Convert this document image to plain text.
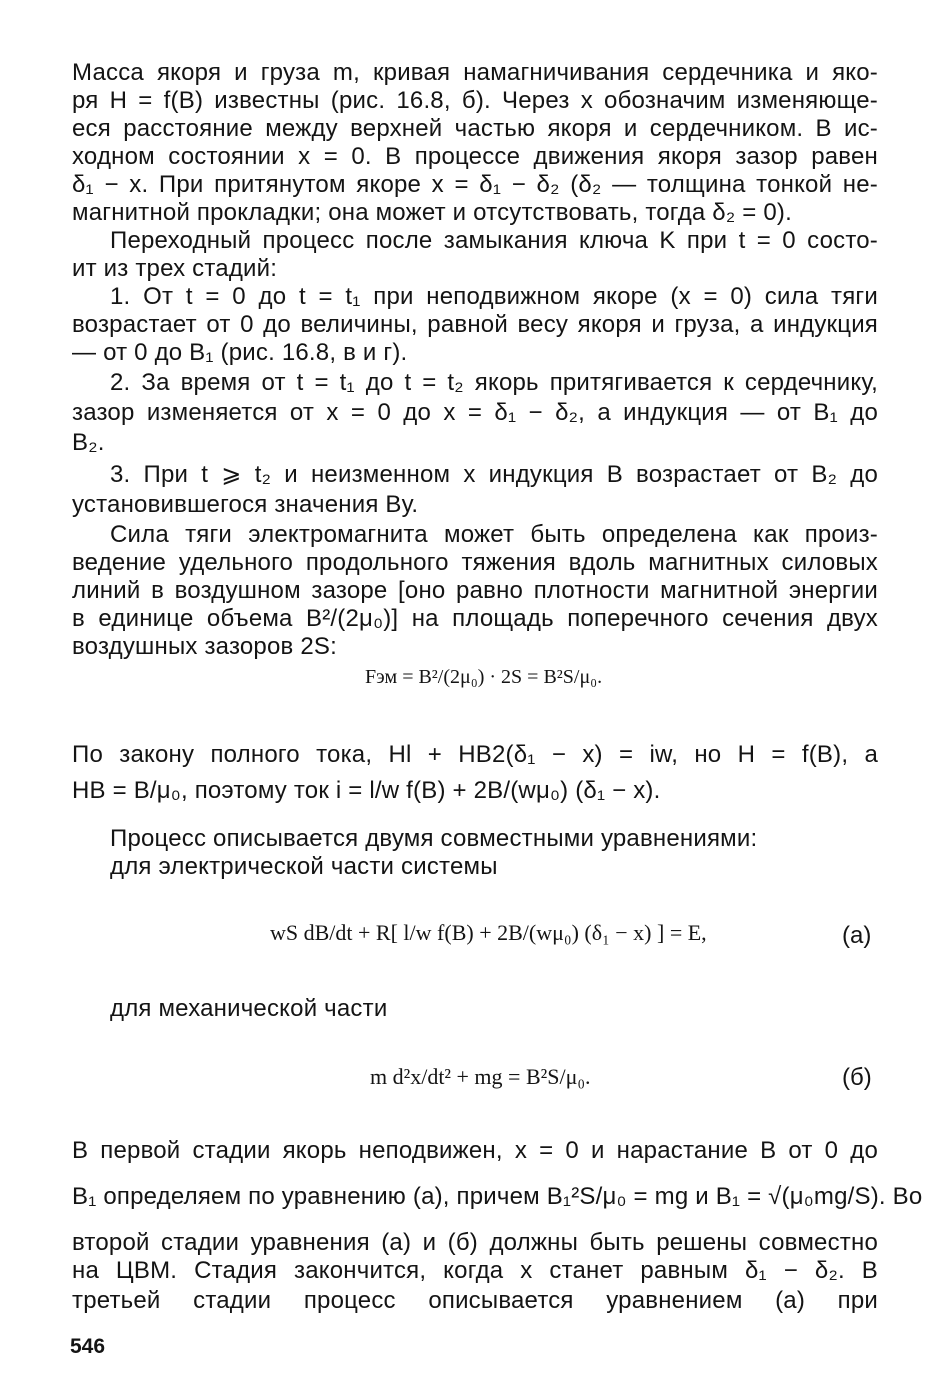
Масса якоря и груза m, кривая намагничивания сердечника и яко-
ря H = f(B) известны (рис. 16.8, б). Через x обозначим изменяюще-
еся расстояние между верхней частью якоря и сердечником. В ис-
ходном состоянии x = 0. В процессе движения якоря зазор равен
δ₁ − x. При притянутом якоре x = δ₁ − δ₂ (δ₂ — толщина тонкой не-
магнитной прокладки; она может и отсутствовать, тогда δ₂ = 0).
Переходный процесс после замыкания ключа K при t = 0 состо-
ит из трех стадий:
1. От t = 0 до t = t₁ при неподвижном якоре (x = 0) сила тяги
возрастает от 0 до величины, равной весу якоря и груза, а индукция
— от 0 до B₁ (рис. 16.8, в и г).
2. За время от t = t₁ до t = t₂ якорь притягивается к сердечнику,
зазор изменяется от x = 0 до x = δ₁ − δ₂, а индукция — от B₁ до
B₂.
3. При t ⩾ t₂ и неизменном x индукция B возрастает от B₂ до
установившегося значения Bу.
Сила тяги электромагнита может быть определена как произ-
ведение удельного продольного тяжения вдоль магнитных силовых
линий в воздушном зазоре [оно равно плотности магнитной энергии
в единице объема B²/(2μ₀)] на площадь поперечного сечения двух
воздушных зазоров 2S:
Fэм = B²/(2μ₀) · 2S = B²S/μ₀.
По закону полного тока, Hl + HB2(δ₁ − x) = iw, но H = f(B), а
HB = B/μ₀, поэтому ток i = l/w f(B) + 2B/(wμ₀) (δ₁ − x).
Процесс описывается двумя совместными уравнениями:
для электрической части системы
wS dB/dt + R[ l/w f(B) + 2B/(wμ₀) (δ₁ − x) ] = E,	(а)
для механической части
m d²x/dt² + mg = B²S/μ₀.	(б)
В первой стадии якорь неподвижен, x = 0 и нарастание B от 0 до
B₁ определяем по уравнению (а), причем B₁²S/μ₀ = mg и B₁ = √(μ₀mg/S). Во
второй стадии уравнения (а) и (б) должны быть решены совместно
на ЦВМ. Стадия закончится, когда x станет равным δ₁ − δ₂. В
третьей стадии процесс описывается уравнением (а) при
546
